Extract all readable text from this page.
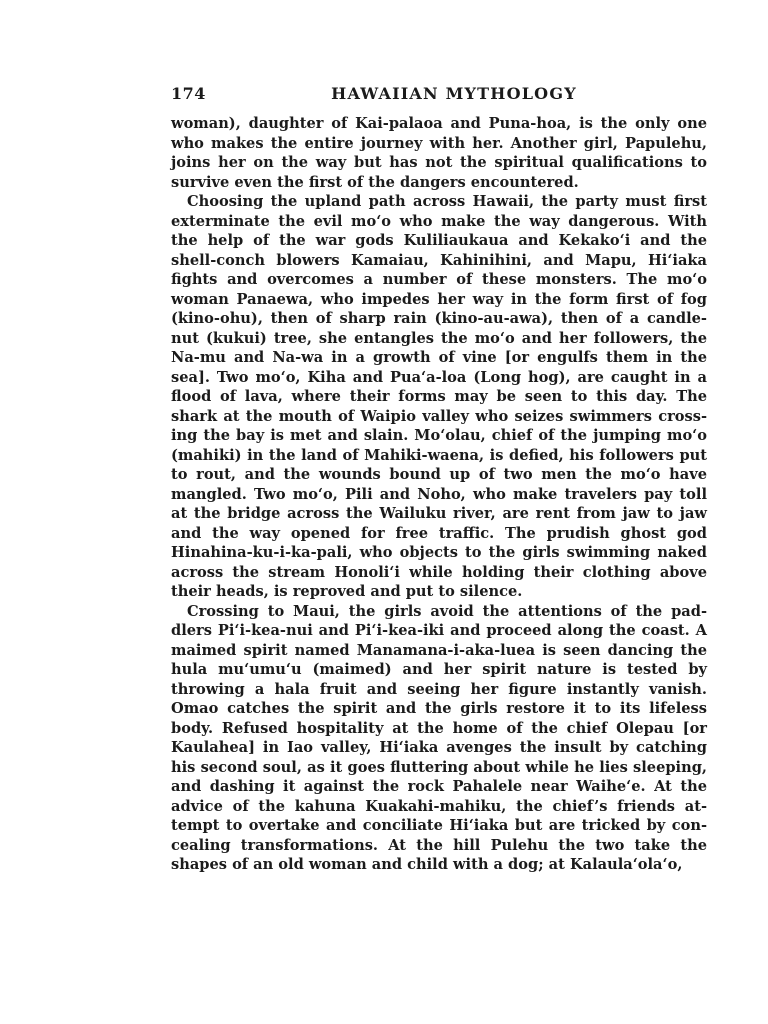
174	HAWAIIAN MYTHOLOGY

woman), daughter of Kai-palaoa and Puna-hoa, is the only one who makes the entire journey with her. Another girl, Papulehu, joins her on the way but has not the spiritual qualifications to survive even the first of the dangers encountered.

Choosing the upland path across Hawaii, the party must first exterminate the evil mo‘o who make the way dangerous. With the help of the war gods Kuliliaukaua and Kekako‘i and the shell-conch blowers Kamaiau, Kahinihini, and Mapu, Hi‘iaka fights and overcomes a number of these monsters. The mo‘o woman Panaewa, who impedes her way in the form first of fog (kino-ohu), then of sharp rain (kino-au-awa), then of a candle-nut (kukui) tree, she entangles the mo‘o and her followers, the Na-mu and Na-wa in a growth of vine [or engulfs them in the sea]. Two mo‘o, Kiha and Pua‘a-loa (Long hog), are caught in a flood of lava, where their forms may be seen to this day. The shark at the mouth of Waipio valley who seizes swimmers cross-ing the bay is met and slain. Mo‘olau, chief of the jumping mo‘o (mahiki) in the land of Mahiki-waena, is defied, his followers put to rout, and the wounds bound up of two men the mo‘o have mangled. Two mo‘o, Pili and Noho, who make travelers pay toll at the bridge across the Wailuku river, are rent from jaw to jaw and the way opened for free traffic. The prudish ghost god Hinahina-ku-i-ka-pali, who objects to the girls swimming naked across the stream Honoli‘i while holding their clothing above their heads, is reproved and put to silence.

Crossing to Maui, the girls avoid the attentions of the pad-dlers Pi‘i-kea-nui and Pi‘i-kea-iki and proceed along the coast. A maimed spirit named Manamana-i-aka-luea is seen dancing the hula mu‘umu‘u (maimed) and her spirit nature is tested by throwing a hala fruit and seeing her figure instantly vanish. Omao catches the spirit and the girls restore it to its lifeless body. Refused hospitality at the home of the chief Olepau [or Kaulahea] in Iao valley, Hi‘iaka avenges the insult by catching his second soul, as it goes fluttering about while he lies sleeping, and dashing it against the rock Pahalele near Waihe‘e. At the advice of the kahuna Kuakahi-mahiku, the chief’s friends at-tempt to overtake and conciliate Hi‘iaka but are tricked by con-cealing transformations. At the hill Pulehu the two take the shapes of an old woman and child with a dog; at Kalaula‘ola‘o,
